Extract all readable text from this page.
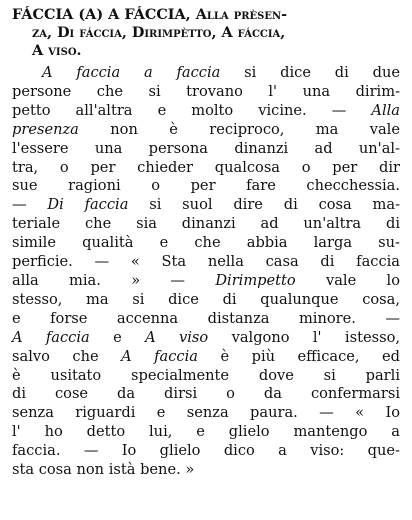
FÁCCIA (A) A FÁCCIA, Alla prèsen-
za, Di fáccia, Dirimpètto, A fáccia,
A viso.
A faccia a faccia si dice di due
persone che si trovano l' una dirim-
petto all'altra e molto vicine. — Alla
presenza non è reciproco, ma vale
l'essere una persona dinanzi ad un'al-
tra, o per chieder qualcosa o per dir
sue ragioni o per fare checchessia.
— Di faccia si suol dire di cosa ma-
teriale che sia dinanzi ad un'altra di
simile qualità e che abbia larga su-
perficie. — « Sta nella casa di faccia
alla mia. » — Dirimpetto vale lo
stesso, ma si dice di qualunque cosa,
e forse accenna distanza minore. —
A faccia e A viso valgono l' istesso,
salvo che A faccia è più efficace, ed
è usitato specialmente dove si parli
di cose da dirsi o da confermarsi
senza riguardi e senza paura. — « Io
l' ho detto lui, e glielo mantengo a
faccia. — Io glielo dico a viso: que-
sta cosa non istà bene. »
